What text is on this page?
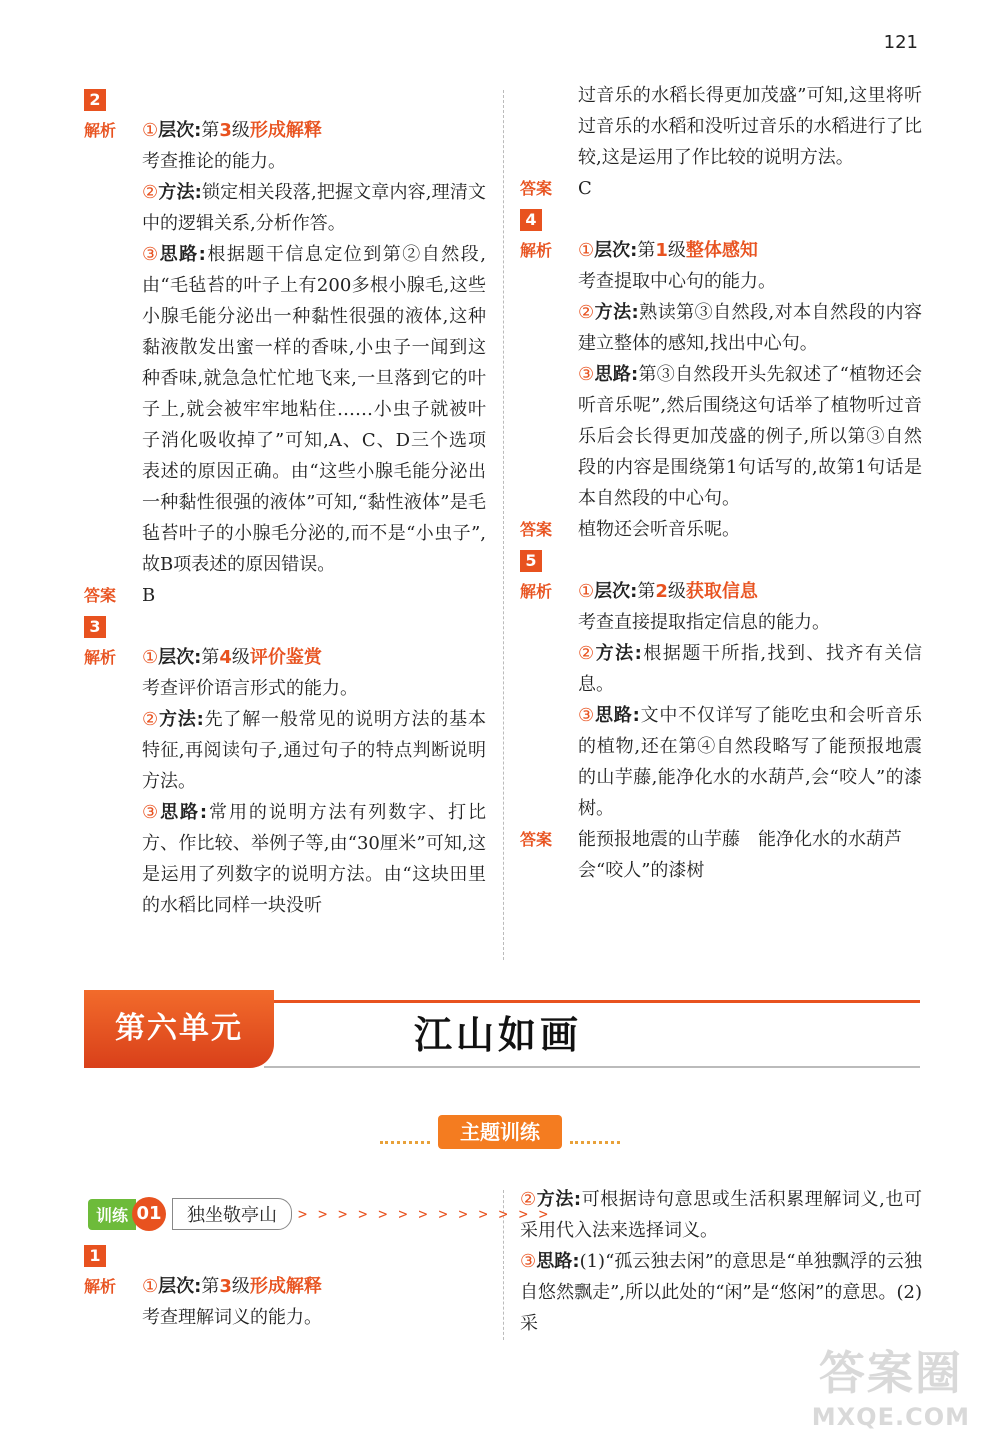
121
2
解析	①层次:第3级形成解释
考查推论的能力。
②方法:锁定相关段落,把握文章内容,理清文中的逻辑关系,分析作答。
③思路:根据题干信息定位到第②自然段,由“毛毡苔的叶子上有200多根小腺毛,这些小腺毛能分泌出一种黏性很强的液体,这种黏液散发出蜜一样的香味,小虫子一闻到这种香味,就急急忙忙地飞来,一旦落到它的叶子上,就会被牢牢地粘住……小虫子就被叶子消化吸收掉了”可知,A、C、D三个选项表述的原因正确。由“这些小腺毛能分泌出一种黏性很强的液体”可知,“黏性液体”是毛毡苔叶子的小腺毛分泌的,而不是“小虫子”,故B项表述的原因错误。
答案	B
3
解析	①层次:第4级评价鉴赏
考查评价语言形式的能力。
②方法:先了解一般常见的说明方法的基本特征,再阅读句子,通过句子的特点判断说明方法。
③思路:常用的说明方法有列数字、打比方、作比较、举例子等,由“30厘米”可知,这是运用了列数字的说明方法。由“这块田里的水稻比同样一块没听
过音乐的水稻长得更加茂盛”可知,这里将听过音乐的水稻和没听过音乐的水稻进行了比较,这是运用了作比较的说明方法。
答案	C
4
解析	①层次:第1级整体感知
考查提取中心句的能力。
②方法:熟读第③自然段,对本自然段的内容建立整体的感知,找出中心句。
③思路:第③自然段开头先叙述了“植物还会听音乐呢”,然后围绕这句话举了植物听过音乐后会长得更加茂盛的例子,所以第③自然段的内容是围绕第1句话写的,故第1句话是本自然段的中心句。
答案	植物还会听音乐呢。
5
解析	①层次:第2级获取信息
考查直接提取指定信息的能力。
②方法:根据题干所指,找到、找齐有关信息。
③思路:文中不仅详写了能吃虫和会听音乐的植物,还在第④自然段略写了能预报地震的山芋藤,能净化水的水葫芦,会“咬人”的漆树。
答案	能预报地震的山芋藤　能净化水的水葫芦　会“咬人”的漆树
第六单元	江山如画
主题训练
训练 01	独坐敬亭山	> > > > > > > > > > > > >
1
解析	①层次:第3级形成解释
考查理解词义的能力。
②方法:可根据诗句意思或生活积累理解词义,也可采用代入法来选择词义。
③思路:(1)“孤云独去闲”的意思是“单独飘浮的云独自悠然飘走”,所以此处的“闲”是“悠闲”的意思。(2)采
答案圈
MXQE.COM
